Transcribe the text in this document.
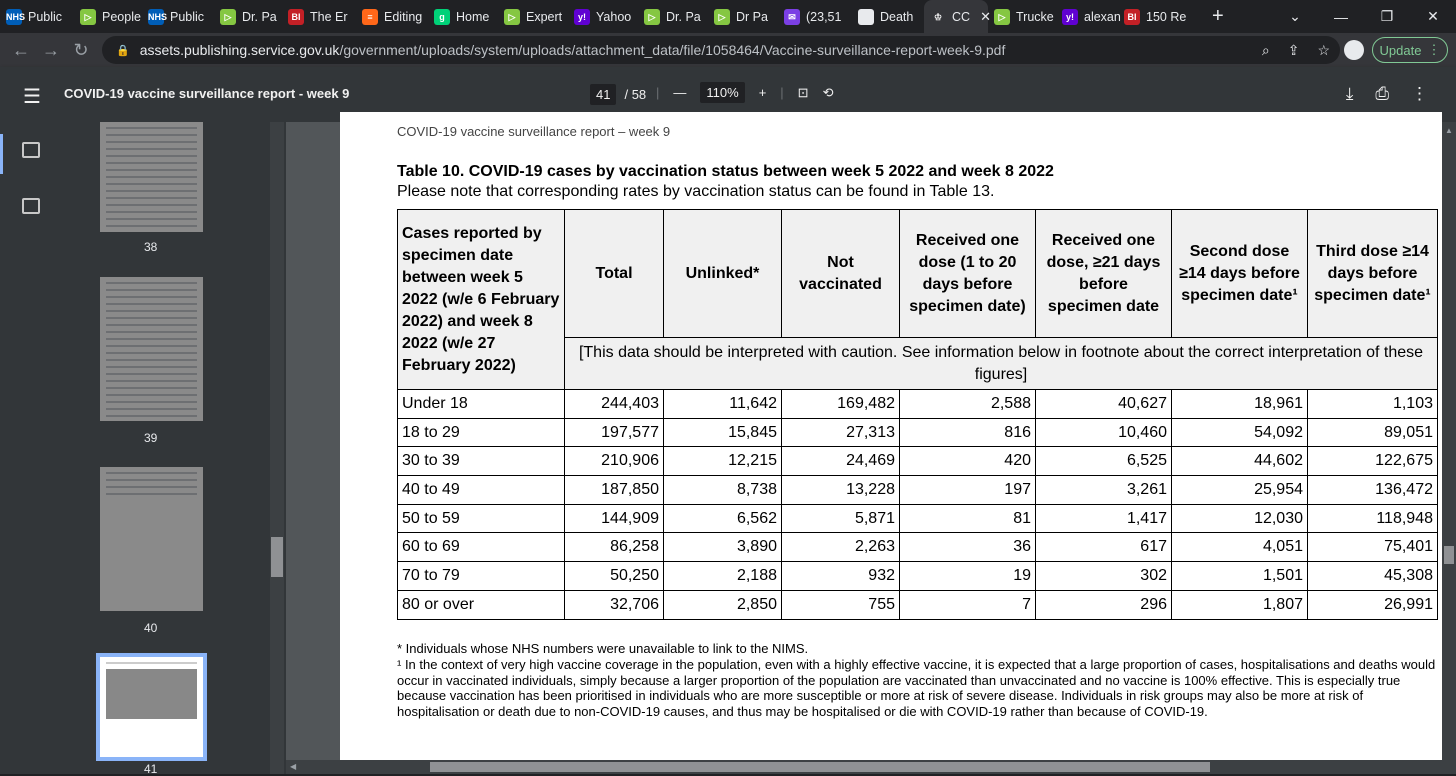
NHS Public	▷ People NHS Public	▷ Dr. Pa	BI The Er	≡ Editing	g Home	▷ Expert	y! Yahoo	▷ Dr. Pa	▷ Dr Pa	✉ (23,51	Death	♔ CC ✕ ▷ Trucke	y! alexan BI 150 Re +	⌄	—	❐	✕
← → ↻	🔒 assets.publishing.service.gov.uk /government/uploads/system/uploads/attachment_data/file/1058464/Vaccine-surveillance-report-week-9.pdf	⌕ ⇪ ☆	Update ⋮
☰ COVID-19 vaccine surveillance report - week 9	41	/ 58 | —	110%	+ | ⊡ ⟲	⤓ ⎙ ⋮
38
39
40
41
COVID-19 vaccine surveillance report – week 9
Table 10. COVID-19 cases by vaccination status between week 5 2022 and week 8 2022
Please note that corresponding rates by vaccination status can be found in Table 13.
Cases reported by specimen date between week 5 2022 (w/e 6 February 2022) and week 8 2022 (w/e 27 February 2022)	Total	Unlinked*	Not vaccinated	Received one dose (1 to 20 days before specimen date)	Received one dose, ≥21 days before specimen date	Second dose ≥14 days before specimen date¹	Third dose ≥14 days before specimen date¹
	[This data should be interpreted with caution. See information below in footnote about the correct interpretation of these figures]						
Under 18	244,403	11,642	169,482	2,588	40,627	18,961	1,103
18 to 29	197,577	15,845	27,313	816	10,460	54,092	89,051
30 to 39	210,906	12,215	24,469	420	6,525	44,602	122,675
40 to 49	187,850	8,738	13,228	197	3,261	25,954	136,472
50 to 59	144,909	6,562	5,871	81	1,417	12,030	118,948
60 to 69	86,258	3,890	2,263	36	617	4,051	75,401
70 to 79	50,250	2,188	932	19	302	1,501	45,308
80 or over	32,706	2,850	755	7	296	1,807	26,991
* Individuals whose NHS numbers were unavailable to link to the NIMS.
¹ In the context of very high vaccine coverage in the population, even with a highly effective vaccine, it is expected that a large proportion of cases, hospitalisations and deaths would occur in vaccinated individuals, simply because a larger proportion of the population are vaccinated than unvaccinated and no vaccine is 100% effective. This is especially true because vaccination has been prioritised in individuals who are more susceptible or more at risk of severe disease. Individuals in risk groups may also be more at risk of hospitalisation or death due to non-COVID-19 causes, and thus may be hospitalised or die with COVID-19 rather than because of COVID-19.
▲
◀
